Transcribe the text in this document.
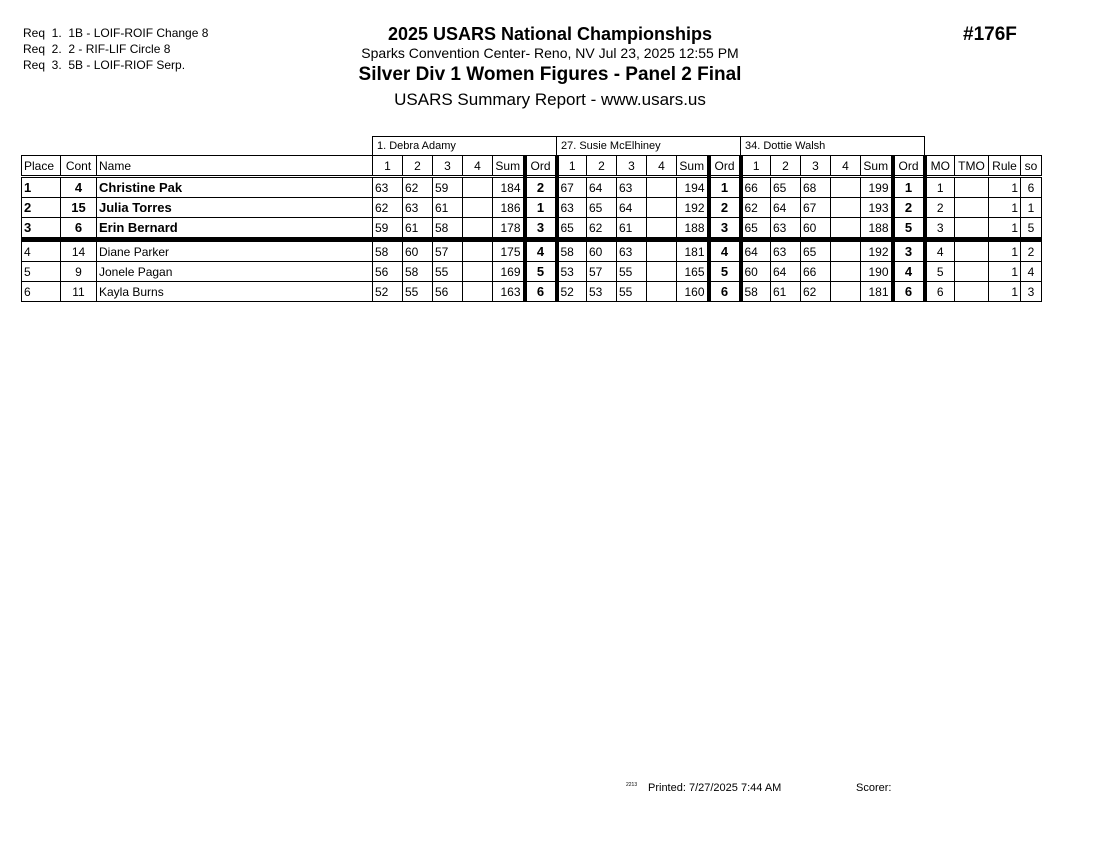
Req  1.  1B - LOIF-ROIF Change 8
Req  2.  2 - RIF-LIF Circle 8
Req  3.  5B - LOIF-RIOF Serp.
2025 USARS National Championships
Sparks Convention Center- Reno, NV Jul 23, 2025 12:55 PM
Silver Div 1 Women Figures - Panel 2 Final
USARS Summary Report - www.usars.us
#176F
			1. Debra Adamy						27. Susie McElhiney						34. Dottie Walsh									
Place	Cont	Name	1	2	3	4	Sum	Ord	1	2	3	4	Sum	Ord	1	2	3	4	Sum	Ord	MO	TMO	Rule	so
1	4	Christine Pak	63	62	59		184	2	67	64	63		194	1	66	65	68		199	1	1		1	6
2	15	Julia Torres	62	63	61		186	1	63	65	64		192	2	62	64	67		193	2	2		1	1
3	6	Erin Bernard	59	61	58		178	3	65	62	61		188	3	65	63	60		188	5	3		1	5
4	14	Diane Parker	58	60	57		175	4	58	60	63		181	4	64	63	65		192	3	4		1	2
5	9	Jonele Pagan	56	58	55		169	5	53	57	55		165	5	60	64	66		190	4	5		1	4
6	11	Kayla Burns	52	55	56		163	6	52	53	55		160	6	58	61	62		181	6	6		1	3
2213 Printed: 7/27/2025 7:44 AM	Scorer:
